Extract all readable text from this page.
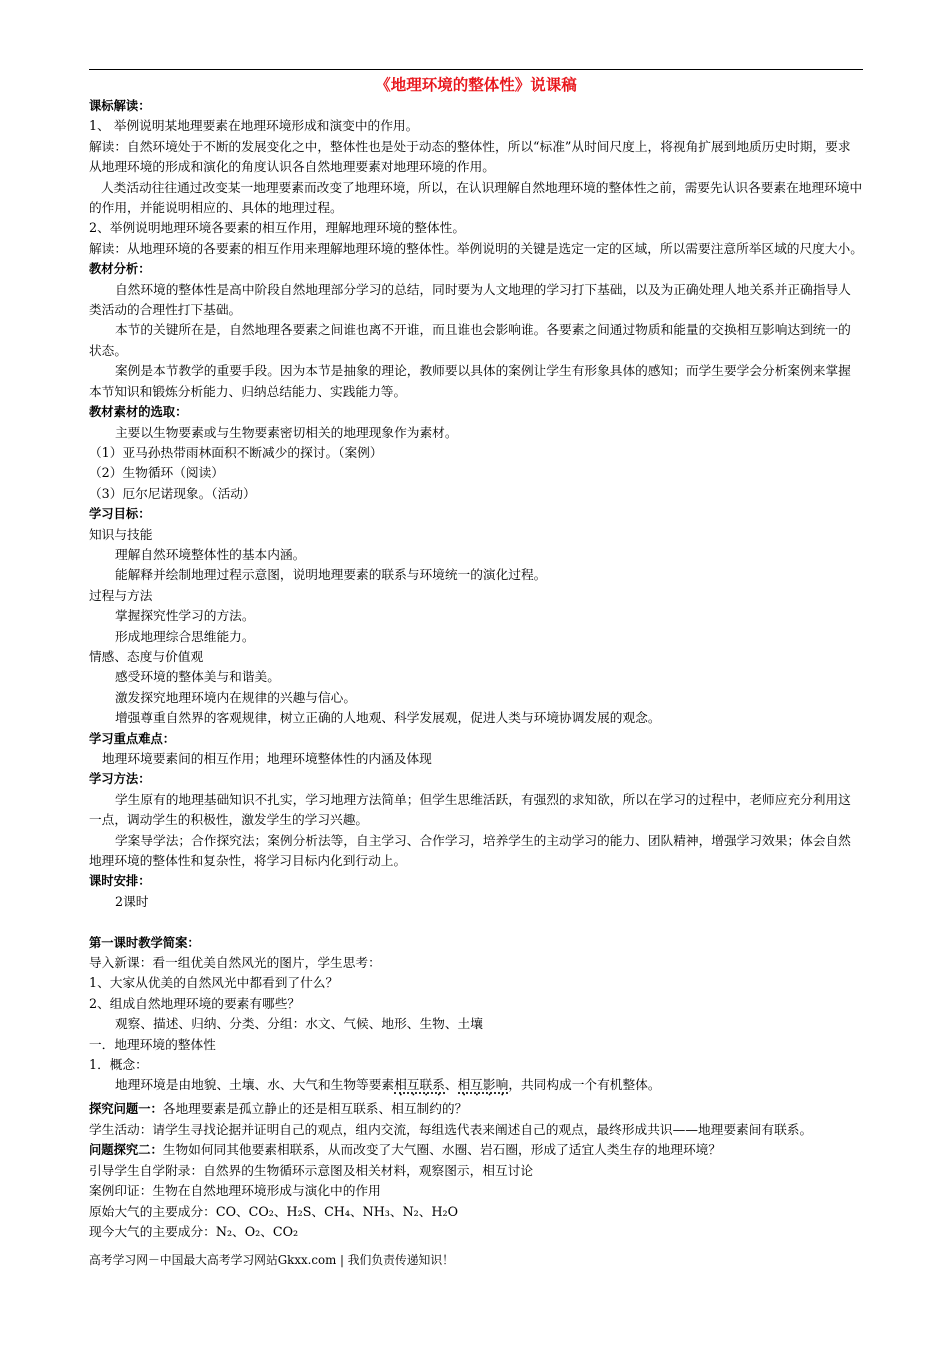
《地理环境的整体性》说课稿

课标解读：

1、 举例说明某地理要素在地理环境形成和演变中的作用。

解读：自然环境处于不断的发展变化之中，整体性也是处于动态的整体性，所以“标准”从时间尺度上，将视角扩展到地质历史时期，要求从地理环境的形成和演化的角度认识各自然地理要素对地理环境的作用。

人类活动往往通过改变某一地理要素而改变了地理环境，所以，在认识理解自然地理环境的整体性之前，需要先认识各要素在地理环境中的作用，并能说明相应的、具体的地理过程。

2、举例说明地理环境各要素的相互作用，理解地理环境的整体性。

解读：从地理环境的各要素的相互作用来理解地理环境的整体性。举例说明的关键是选定一定的区域，所以需要注意所举区域的尺度大小。

教材分析：

自然环境的整体性是高中阶段自然地理部分学习的总结，同时要为人文地理的学习打下基础，以及为正确处理人地关系并正确指导人类活动的合理性打下基础。

本节的关键所在是，自然地理各要素之间谁也离不开谁，而且谁也会影响谁。各要素之间通过物质和能量的交换相互影响达到统一的状态。

案例是本节教学的重要手段。因为本节是抽象的理论，教师要以具体的案例让学生有形象具体的感知；而学生要学会分析案例来掌握本节知识和锻炼分析能力、归纳总结能力、实践能力等。

教材素材的选取：

主要以生物要素或与生物要素密切相关的地理现象作为素材。

（1）亚马孙热带雨林面积不断减少的探讨。（案例）

（2）生物循环（阅读）

（3）厄尔尼诺现象。（活动）

学习目标：

知识与技能

理解自然环境整体性的基本内涵。

能解释并绘制地理过程示意图，说明地理要素的联系与环境统一的演化过程。

过程与方法

掌握探究性学习的方法。

形成地理综合思维能力。

情感、态度与价值观

感受环境的整体美与和谐美。

激发探究地理环境内在规律的兴趣与信心。

增强尊重自然界的客观规律，树立正确的人地观、科学发展观，促进人类与环境协调发展的观念。

学习重点难点：

地理环境要素间的相互作用；地理环境整体性的内涵及体现

学习方法：

学生原有的地理基础知识不扎实，学习地理方法简单；但学生思维活跃，有强烈的求知欲，所以在学习的过程中，老师应充分利用这一点，调动学生的积极性，激发学生的学习兴趣。

学案导学法；合作探究法；案例分析法等，自主学习、合作学习，培养学生的主动学习的能力、团队精神，增强学习效果；体会自然地理环境的整体性和复杂性，将学习目标内化到行动上。

课时安排：

2课时

第一课时教学简案：

导入新课：看一组优美自然风光的图片，学生思考：

1、大家从优美的自然风光中都看到了什么？

2、组成自然地理环境的要素有哪些？

观察、描述、归纳、分类、分组：水文、气候、地形、生物、土壤

一．地理环境的整体性

1．概念：

地理环境是由地貌、土壤、水、大气和生物等要素相互联系、相互影响，共同构成一个有机整体。

探究问题一：各地理要素是孤立静止的还是相互联系、相互制约的？

学生活动：请学生寻找论据并证明自己的观点，组内交流，每组选代表来阐述自己的观点，最终形成共识——地理要素间有联系。

问题探究二：生物如何同其他要素相联系，从而改变了大气圈、水圈、岩石圈，形成了适宜人类生存的地理环境？

引导学生自学附录：自然界的生物循环示意图及相关材料，观察图示，相互讨论

案例印证：生物在自然地理环境形成与演化中的作用

原始大气的主要成分：CO、CO₂、H₂S、CH₄、NH₃、N₂、H₂O

现今大气的主要成分：N₂、O₂、CO₂

高考学习网－中国最大高考学习网站Gkxx.com | 我们负责传递知识！
